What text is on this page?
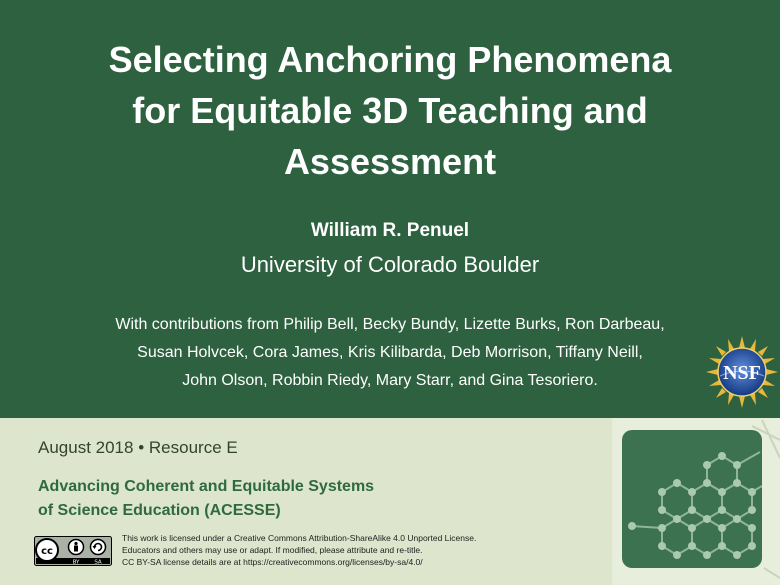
Selecting Anchoring Phenomena
for Equitable 3D Teaching and
Assessment
William R. Penuel
University of Colorado Boulder
With contributions from Philip Bell, Becky Bundy, Lizette Burks, Ron Darbeau,
Susan Holvcek, Cora James, Kris Kilibarda, Deb Morrison, Tiffany Neill,
John Olson, Robbin Riedy, Mary Starr, and Gina Tesoriero.	NSF
August 2018 • Resource E
Advancing Coherent and Equitable Systems
of Science Education (ACESSE)
cc
BY	SA
This work is licensed under a Creative Commons Attribution-ShareAlike 4.0 Unported License.
Educators and others may use or adapt. If modified, please attribute and re-title.
CC BY-SA license details are at https://creativecommons.org/licenses/by-sa/4.0/
